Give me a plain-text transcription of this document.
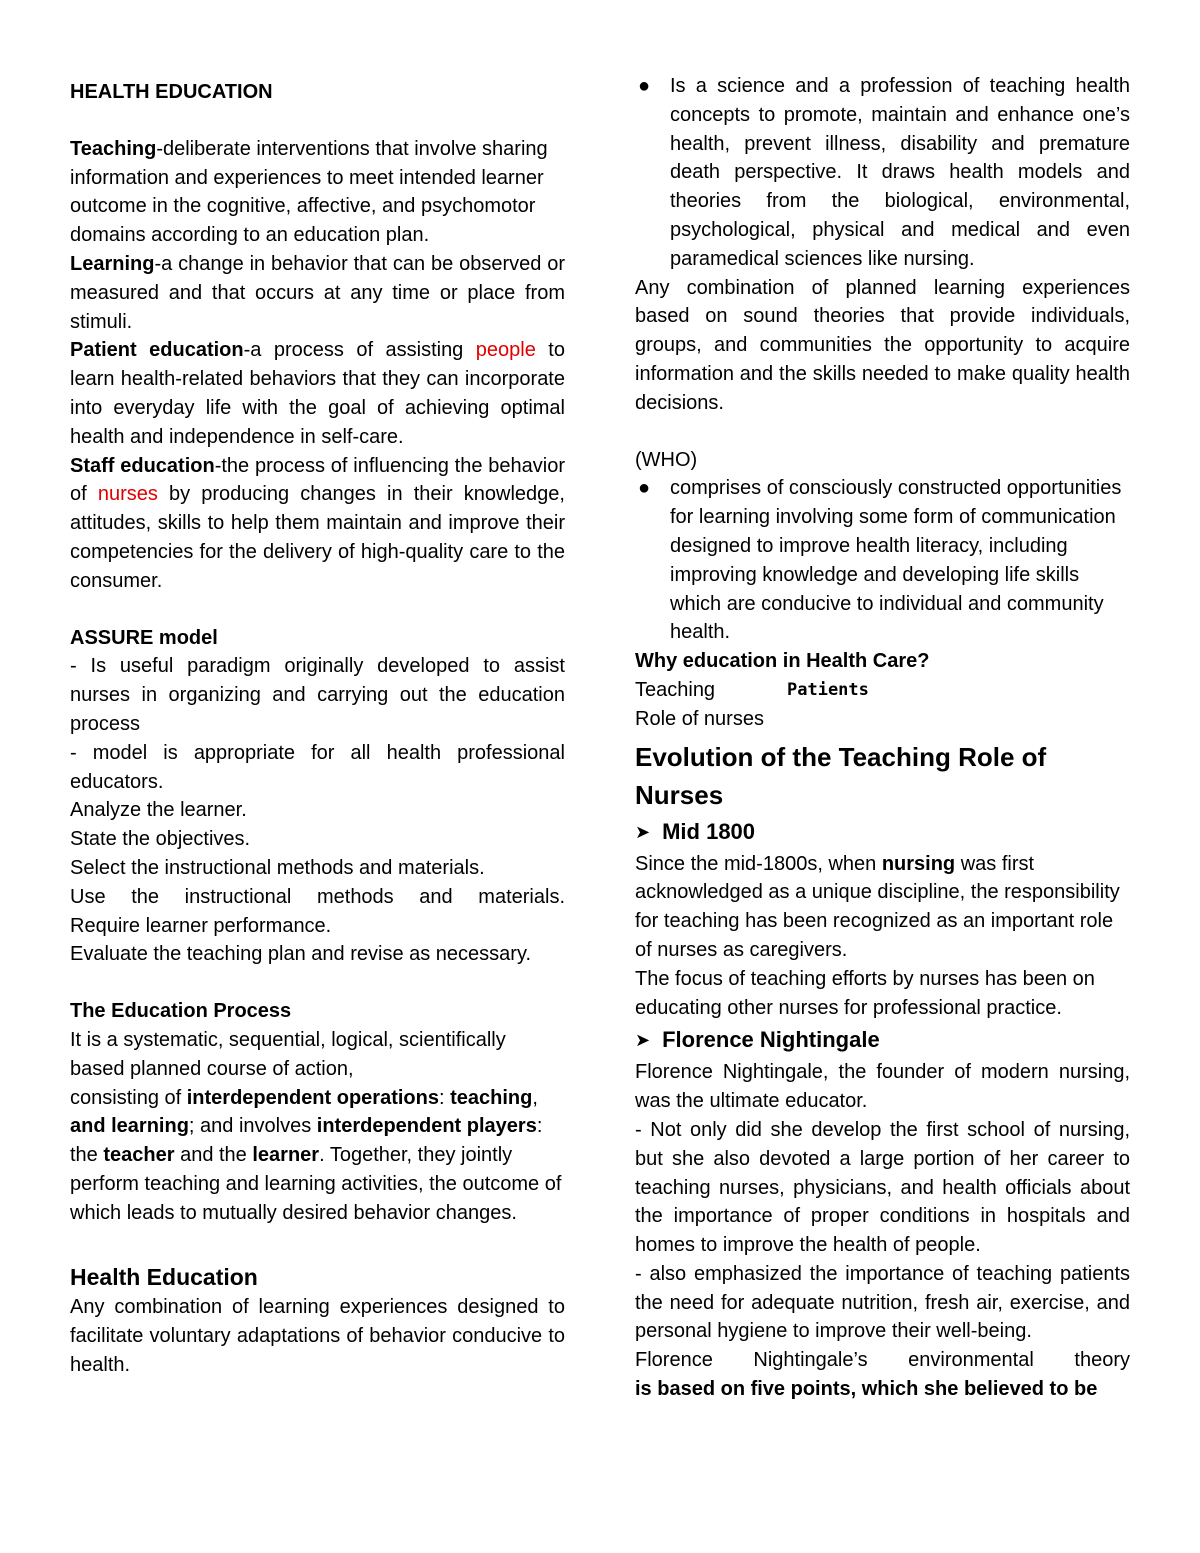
HEALTH EDUCATION

Teaching-deliberate interventions that involve sharing information and experiences to meet intended learner outcome in the cognitive, affective, and psychomotor domains according to an education plan.

Learning-a change in behavior that can be observed or measured and that occurs at any time or place from stimuli.

Patient education-a process of assisting people to learn health-related behaviors that they can incorporate into everyday life with the goal of achieving optimal health and independence in self-care.

Staff education-the process of influencing the behavior of nurses by producing changes in their knowledge, attitudes, skills to help them maintain and improve their competencies for the delivery of high-quality care to the consumer.

ASSURE model

- Is useful paradigm originally developed to assist nurses in organizing and carrying out the education process

- model is appropriate for all health professional educators.

Analyze the learner.

State the objectives.

Select the instructional methods and materials.

Use the instructional methods and materials.

Require learner performance.

Evaluate the teaching plan and revise as necessary.

The Education Process

It is a systematic, sequential, logical, scientifically based planned course of action,

consisting of interdependent operations: teaching, and learning; and involves interdependent players: the teacher and the learner. Together, they jointly perform teaching and learning activities, the outcome of which leads to mutually desired behavior changes.

Health Education

Any combination of learning experiences designed to facilitate voluntary adaptations of behavior conducive to health.

● Is a science and a profession of teaching health concepts to promote, maintain and enhance one’s health, prevent illness, disability and premature death perspective. It draws health models and theories from the biological, environmental, psychological, physical and medical and even paramedical sciences like nursing.

Any combination of planned learning experiences based on sound theories that provide individuals, groups, and communities the opportunity to acquire information and the skills needed to make quality health decisions.

(WHO)

● comprises of consciously constructed opportunities for learning involving some form of communication designed to improve health literacy, including improving knowledge and developing life skills which are conducive to individual and community health.

Why education in Health Care?

Teaching	Patients

Role of nurses

Evolution of the Teaching Role of Nurses

➤ Mid 1800

Since the mid-1800s, when nursing was first acknowledged as a unique discipline, the responsibility for teaching has been recognized as an important role of nurses as caregivers.

The focus of teaching efforts by nurses has been on educating other nurses for professional practice.

➤ Florence Nightingale

Florence Nightingale, the founder of modern nursing, was the ultimate educator.

- Not only did she develop the first school of nursing, but she also devoted a large portion of her career to teaching nurses, physicians, and health officials about the importance of proper conditions in hospitals and homes to improve the health of people.

- also emphasized the importance of teaching patients the need for adequate nutrition, fresh air, exercise, and personal hygiene to improve their well-being.

Florence Nightingale’s environmental theory

is based on five points, which she believed to be
